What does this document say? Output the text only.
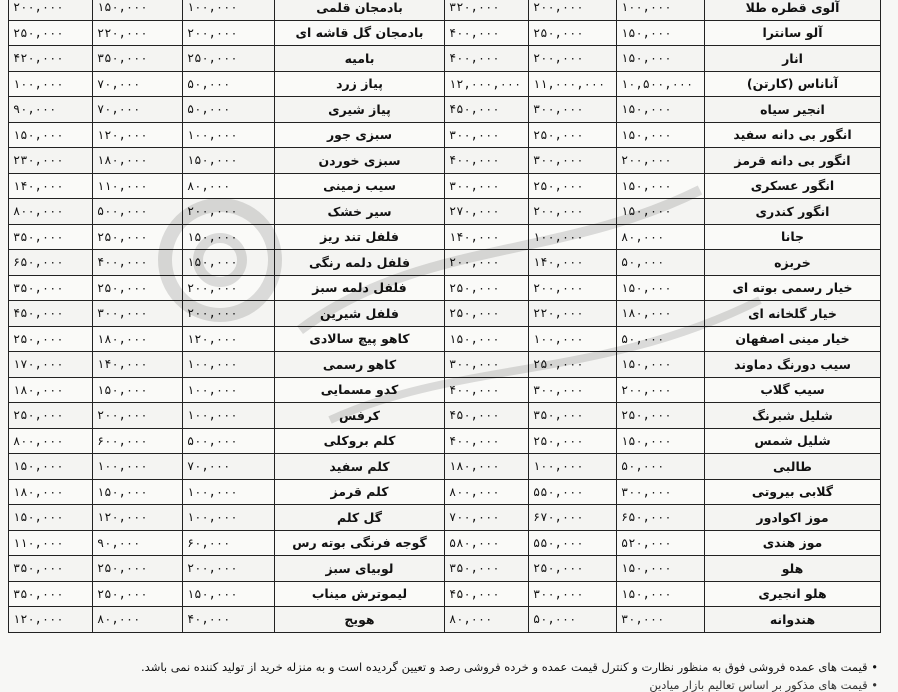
۲۰۰,۰۰۰	۱۵۰,۰۰۰	۱۰۰,۰۰۰	بادمجان قلمی	۳۲۰,۰۰۰	۲۰۰,۰۰۰	۱۰۰,۰۰۰	آلوی قطره طلا
۲۵۰,۰۰۰	۲۲۰,۰۰۰	۲۰۰,۰۰۰	بادمجان گل قاشه ای	۴۰۰,۰۰۰	۲۵۰,۰۰۰	۱۵۰,۰۰۰	آلو سانترا
۴۲۰,۰۰۰	۳۵۰,۰۰۰	۲۵۰,۰۰۰	بامیه	۴۰۰,۰۰۰	۲۰۰,۰۰۰	۱۵۰,۰۰۰	انار
۱۰۰,۰۰۰	۷۰,۰۰۰	۵۰,۰۰۰	پیاز زرد	۱۲,۰۰۰,۰۰۰	۱۱,۰۰۰,۰۰۰	۱۰,۵۰۰,۰۰۰	آناناس (کارتن)
۹۰,۰۰۰	۷۰,۰۰۰	۵۰,۰۰۰	پیاز شیری	۴۵۰,۰۰۰	۳۰۰,۰۰۰	۱۵۰,۰۰۰	انجیر سیاه
۱۵۰,۰۰۰	۱۲۰,۰۰۰	۱۰۰,۰۰۰	سبزی جور	۳۰۰,۰۰۰	۲۵۰,۰۰۰	۱۵۰,۰۰۰	انگور بی دانه سفید
۲۳۰,۰۰۰	۱۸۰,۰۰۰	۱۵۰,۰۰۰	سبزی خوردن	۴۰۰,۰۰۰	۳۰۰,۰۰۰	۲۰۰,۰۰۰	انگور بی دانه قرمز
۱۴۰,۰۰۰	۱۱۰,۰۰۰	۸۰,۰۰۰	سیب زمینی	۳۰۰,۰۰۰	۲۵۰,۰۰۰	۱۵۰,۰۰۰	انگور عسکری
۸۰۰,۰۰۰	۵۰۰,۰۰۰	۲۰۰,۰۰۰	سیر خشک	۲۷۰,۰۰۰	۲۰۰,۰۰۰	۱۵۰,۰۰۰	انگور کندری
۳۵۰,۰۰۰	۲۵۰,۰۰۰	۱۵۰,۰۰۰	فلفل تند ریز	۱۴۰,۰۰۰	۱۰۰,۰۰۰	۸۰,۰۰۰	جانا
۶۵۰,۰۰۰	۴۰۰,۰۰۰	۱۵۰,۰۰۰	فلفل دلمه رنگی	۲۰۰,۰۰۰	۱۴۰,۰۰۰	۵۰,۰۰۰	خربزه
۳۵۰,۰۰۰	۲۵۰,۰۰۰	۲۰۰,۰۰۰	فلفل دلمه سبز	۲۵۰,۰۰۰	۲۰۰,۰۰۰	۱۵۰,۰۰۰	خیار رسمی بوته ای
۴۵۰,۰۰۰	۳۰۰,۰۰۰	۲۰۰,۰۰۰	فلفل شیرین	۲۵۰,۰۰۰	۲۲۰,۰۰۰	۱۸۰,۰۰۰	خیار گلخانه ای
۲۵۰,۰۰۰	۱۸۰,۰۰۰	۱۲۰,۰۰۰	کاهو پیچ سالادی	۱۵۰,۰۰۰	۱۰۰,۰۰۰	۵۰,۰۰۰	خیار مینی اصفهان
۱۷۰,۰۰۰	۱۴۰,۰۰۰	۱۰۰,۰۰۰	کاهو رسمی	۳۰۰,۰۰۰	۲۵۰,۰۰۰	۱۵۰,۰۰۰	سیب دورنگ دماوند
۱۸۰,۰۰۰	۱۵۰,۰۰۰	۱۰۰,۰۰۰	کدو مسمایی	۴۰۰,۰۰۰	۳۰۰,۰۰۰	۲۰۰,۰۰۰	سیب گلاب
۲۵۰,۰۰۰	۲۰۰,۰۰۰	۱۰۰,۰۰۰	کرفس	۴۵۰,۰۰۰	۳۵۰,۰۰۰	۲۵۰,۰۰۰	شلیل شبرنگ
۸۰۰,۰۰۰	۶۰۰,۰۰۰	۵۰۰,۰۰۰	کلم بروکلی	۴۰۰,۰۰۰	۲۵۰,۰۰۰	۱۵۰,۰۰۰	شلیل شمس
۱۵۰,۰۰۰	۱۰۰,۰۰۰	۷۰,۰۰۰	کلم سفید	۱۸۰,۰۰۰	۱۰۰,۰۰۰	۵۰,۰۰۰	طالبی
۱۸۰,۰۰۰	۱۵۰,۰۰۰	۱۰۰,۰۰۰	کلم قرمز	۸۰۰,۰۰۰	۵۵۰,۰۰۰	۳۰۰,۰۰۰	گلابی بیروتی
۱۵۰,۰۰۰	۱۲۰,۰۰۰	۱۰۰,۰۰۰	گل کلم	۷۰۰,۰۰۰	۶۷۰,۰۰۰	۶۵۰,۰۰۰	موز اکوادور
۱۱۰,۰۰۰	۹۰,۰۰۰	۶۰,۰۰۰	گوجه فرنگی بوته رس	۵۸۰,۰۰۰	۵۵۰,۰۰۰	۵۲۰,۰۰۰	موز هندی
۳۵۰,۰۰۰	۲۵۰,۰۰۰	۲۰۰,۰۰۰	لوبیای سبز	۳۵۰,۰۰۰	۲۵۰,۰۰۰	۱۵۰,۰۰۰	هلو
۳۵۰,۰۰۰	۲۵۰,۰۰۰	۱۵۰,۰۰۰	لیموترش میناب	۴۵۰,۰۰۰	۳۰۰,۰۰۰	۱۵۰,۰۰۰	هلو انجیری
۱۲۰,۰۰۰	۸۰,۰۰۰	۴۰,۰۰۰	هویج	۸۰,۰۰۰	۵۰,۰۰۰	۳۰,۰۰۰	هندوانه
• قیمت های عمده فروشی فوق به منظور نظارت و کنترل قیمت عمده و خرده فروشی رصد و تعیین گردیده است و به منزله خرید از تولید کننده نمی باشد.
• قیمت های مذکور بر اساس تعالیم بازار میادین
